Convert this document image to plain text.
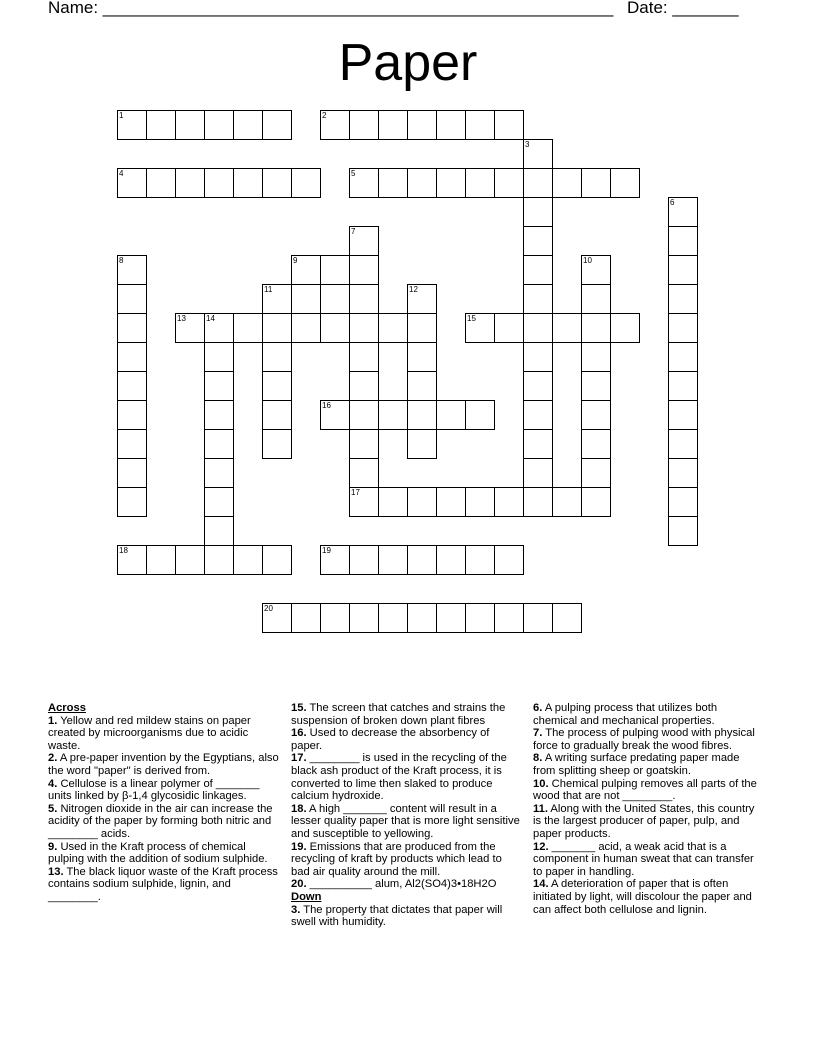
Name: ______________________________________________________ Date: _______
Paper
1	2
3
4	5
6
7
8	9	10
11	12
13	14	15
16
17
18	19
20

Across

1. Yellow and red mildew stains on paper created by microorganisms due to acidic waste.

2. A pre-paper invention by the Egyptians, also the word "paper" is derived from.

4. Cellulose is a linear polymer of _______ units linked by β-1,4 glycosidic linkages.

5. Nitrogen dioxide in the air can increase the acidity of the paper by forming both nitric and ________ acids.

9. Used in the Kraft process of chemical pulping with the addition of sodium sulphide.

13. The black liquor waste of the Kraft process contains sodium sulphide, lignin, and ________.

15. The screen that catches and strains the suspension of broken down plant fibres

16. Used to decrease the absorbency of paper.

17. ________ is used in the recycling of the black ash product of the Kraft process, it is converted to lime then slaked to produce calcium hydroxide.

18. A high _______ content will result in a lesser quality paper that is more light sensitive and susceptible to yellowing.

19. Emissions that are produced from the recycling of kraft by products which lead to bad air quality around the mill.

20. __________ alum, Al2(SO4)3•18H2O

Down

3. The property that dictates that paper will swell with humidity.

6. A pulping process that utilizes both chemical and mechanical properties.

7. The process of pulping wood with physical force to gradually break the wood fibres.

8. A writing surface predating paper made from splitting sheep or goatskin.

10. Chemical pulping removes all parts of the wood that are not ________.

11. Along with the United States, this country is the largest producer of paper, pulp, and paper products.

12. _______ acid, a weak acid that is a component in human sweat that can transfer to paper in handling.

14. A deterioration of paper that is often initiated by light, will discolour the paper and can affect both cellulose and lignin.
